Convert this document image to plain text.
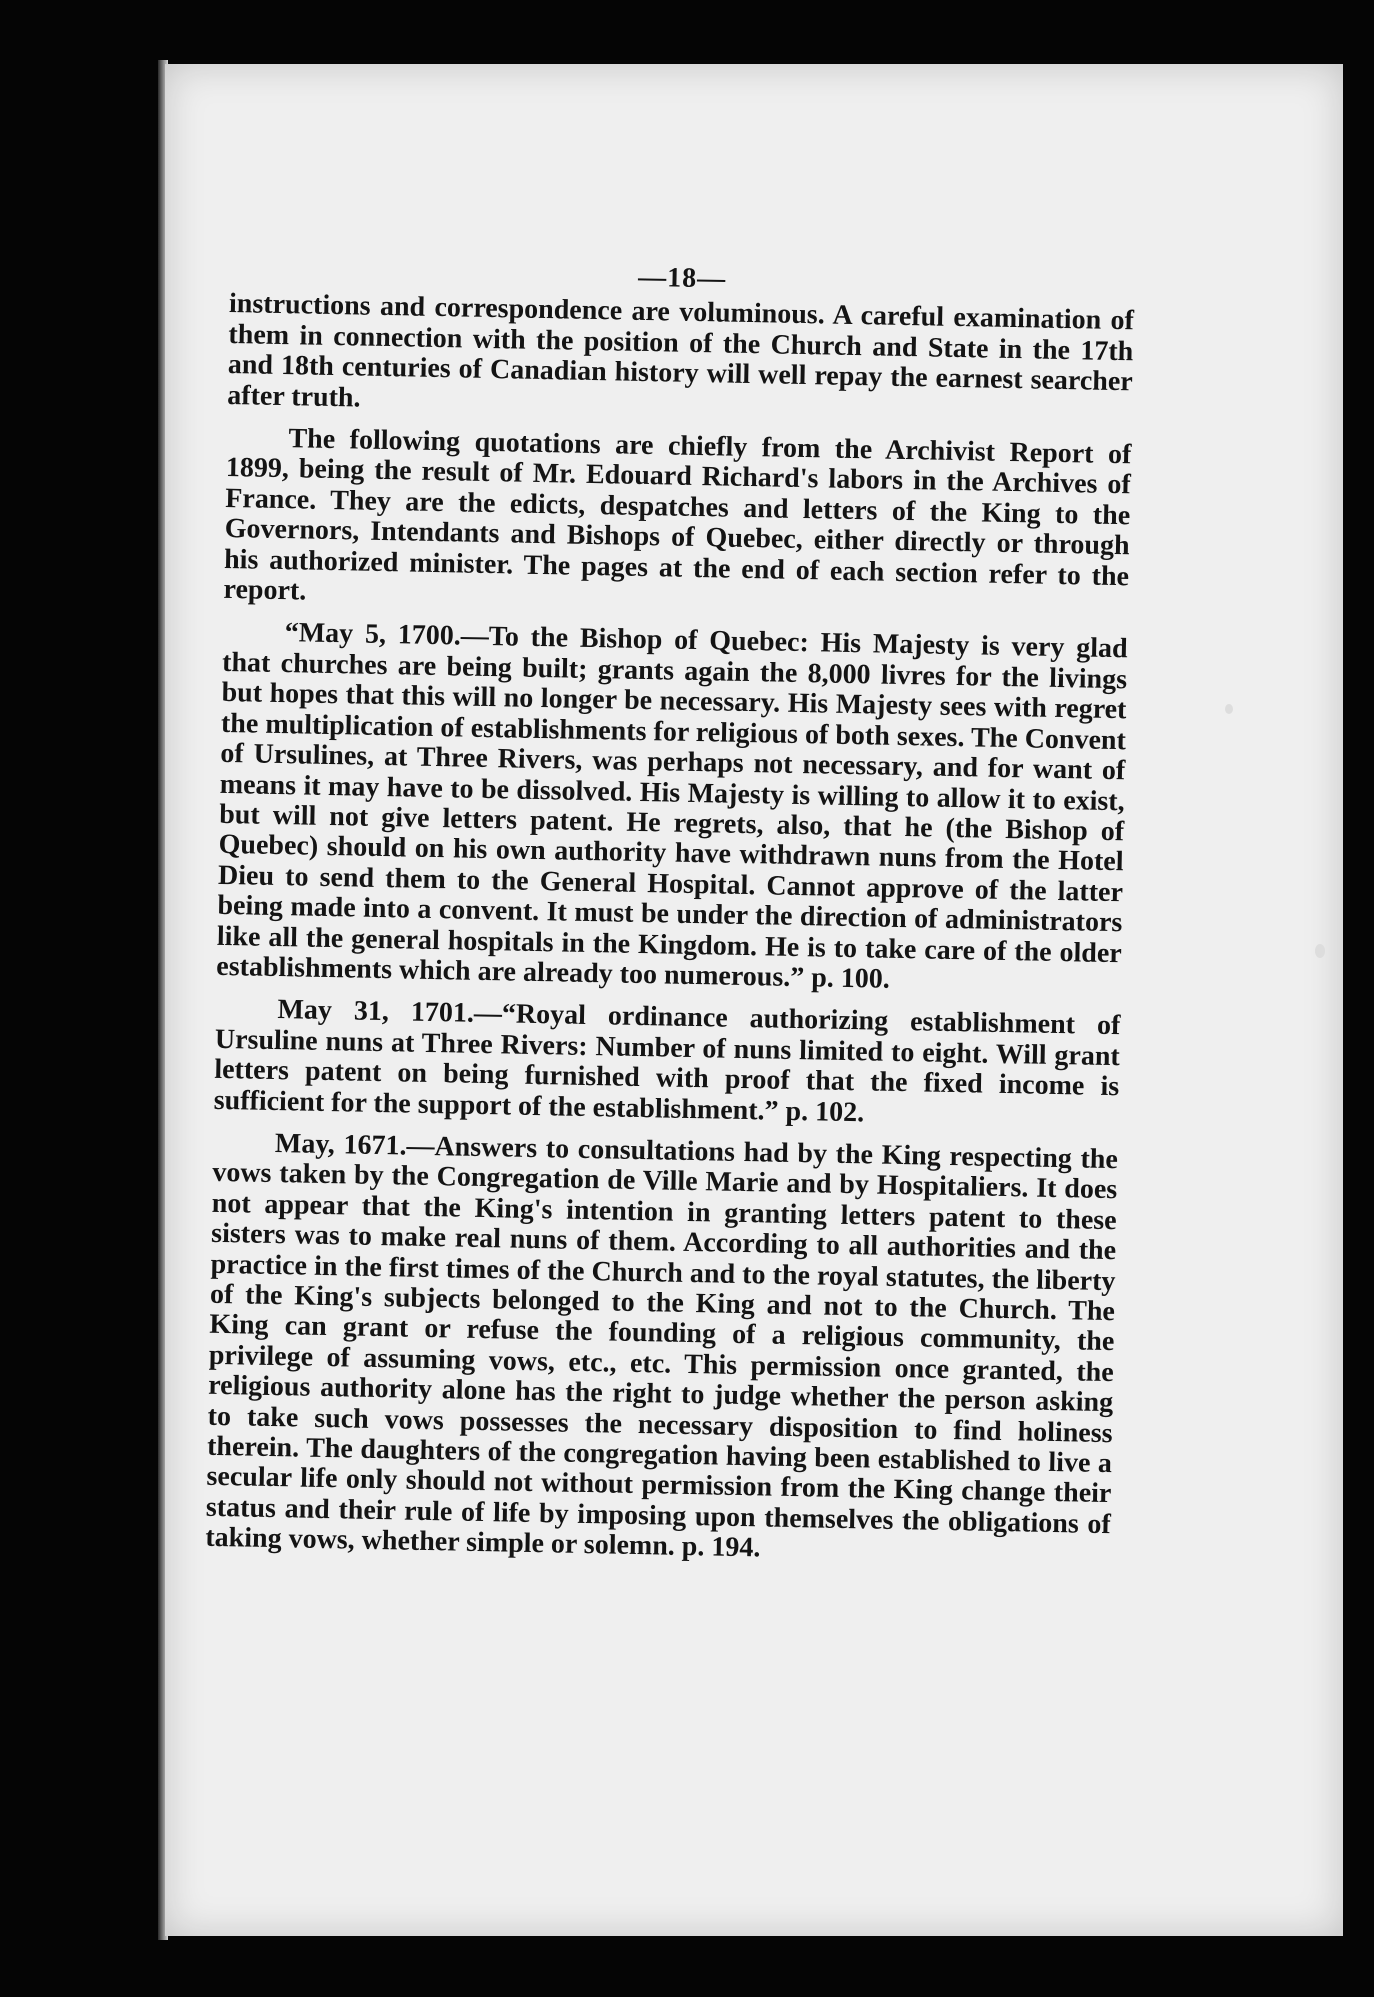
—18—

instructions and correspondence are voluminous. A careful examination of them in connection with the position of the Church and State in the 17th and 18th centuries of Canadian history will well repay the earnest searcher after truth.

The following quotations are chiefly from the Archivist Report of 1899, being the result of Mr. Edouard Richard's labors in the Archives of France. They are the edicts, despatches and letters of the King to the Governors, Intendants and Bishops of Quebec, either directly or through his authorized minister. The pages at the end of each section refer to the report.

“May 5, 1700.—To the Bishop of Quebec: His Majesty is very glad that churches are being built; grants again the 8,000 livres for the livings but hopes that this will no longer be necessary. His Majesty sees with regret the multiplication of establishments for religious of both sexes. The Convent of Ursulines, at Three Rivers, was perhaps not necessary, and for want of means it may have to be dissolved. His Majesty is willing to allow it to exist, but will not give letters patent. He regrets, also, that he (the Bishop of Quebec) should on his own authority have withdrawn nuns from the Hotel Dieu to send them to the General Hospital. Cannot approve of the latter being made into a convent. It must be under the direction of administrators like all the general hospitals in the Kingdom. He is to take care of the older establishments which are already too numerous.” p. 100.

May 31, 1701.—“Royal ordinance authorizing establishment of Ursuline nuns at Three Rivers: Number of nuns limited to eight. Will grant letters patent on being furnished with proof that the fixed income is sufficient for the support of the establishment.” p. 102.

May, 1671.—Answers to consultations had by the King respecting the vows taken by the Congregation de Ville Marie and by Hospitaliers. It does not appear that the King's intention in granting letters patent to these sisters was to make real nuns of them. According to all authorities and the practice in the first times of the Church and to the royal statutes, the liberty of the King's subjects belonged to the King and not to the Church. The King can grant or refuse the founding of a religious community, the privilege of assuming vows, etc., etc. This permission once granted, the religious authority alone has the right to judge whether the person asking to take such vows possesses the necessary disposition to find holiness therein. The daughters of the congregation having been established to live a secular life only should not without permission from the King change their status and their rule of life by imposing upon themselves the obligations of taking vows, whether simple or solemn. p. 194.
